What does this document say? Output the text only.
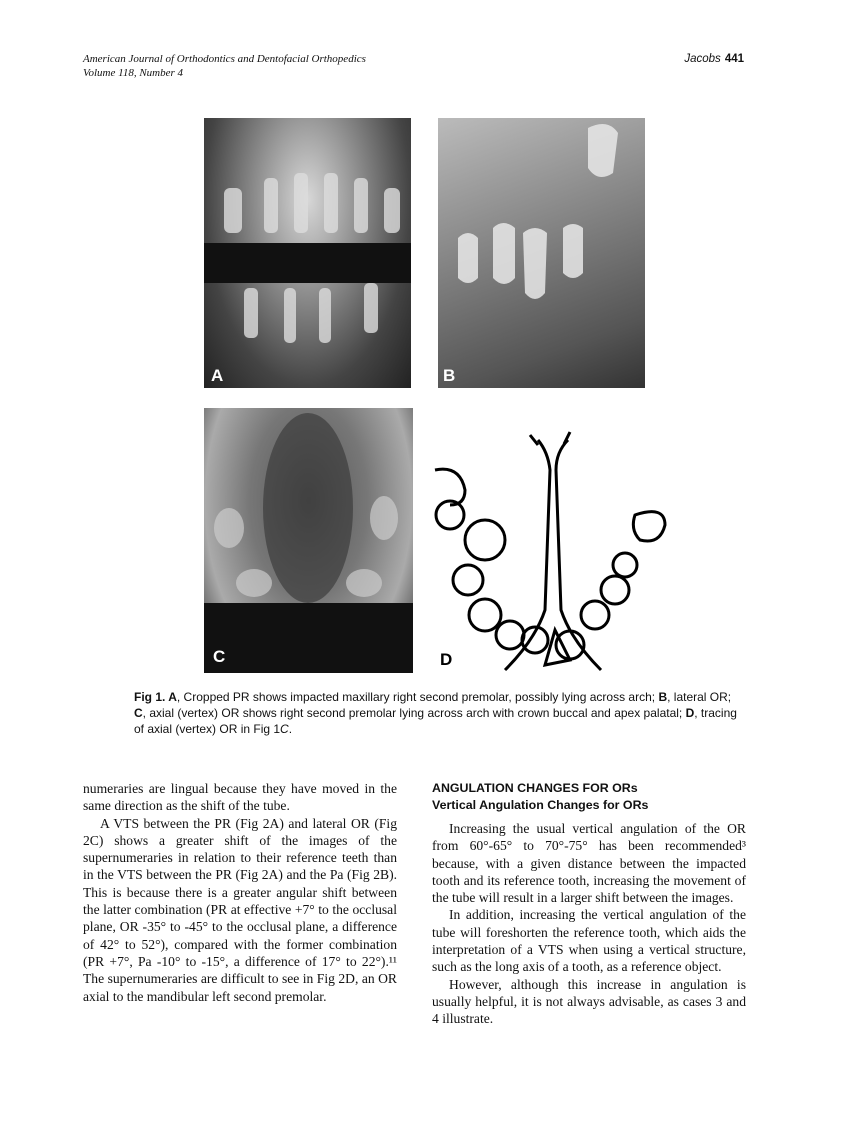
American Journal of Orthodontics and Dentofacial Orthopedics
Volume 118, Number 4
Jacobs 441
A	B
C	D
Fig 1. A, Cropped PR shows impacted maxillary right second premolar, possibly lying across arch; B, lateral OR; C, axial (vertex) OR shows right second premolar lying across arch with crown buccal and apex palatal; D, tracing of axial (vertex) OR in Fig 1C.

numeraries are lingual because they have moved in the same direction as the shift of the tube.

A VTS between the PR (Fig 2A) and lateral OR (Fig 2C) shows a greater shift of the images of the supernumeraries in relation to their reference teeth than in the VTS between the PR (Fig 2A) and the Pa (Fig 2B). This is because there is a greater angular shift between the latter combination (PR at effective +7° to the occlusal plane, OR -35° to -45° to the occlusal plane, a difference of 42° to 52°), compared with the former combination (PR +7°, Pa -10° to -15°, a difference of 17° to 22°).¹¹ The supernumeraries are difficult to see in Fig 2D, an OR axial to the mandibular left second premolar.

ANGULATION CHANGES FOR ORs
Vertical Angulation Changes for ORs

Increasing the usual vertical angulation of the OR from 60°-65° to 70°-75° has been recommended³ because, with a given distance between the impacted tooth and its reference tooth, increasing the movement of the tube will result in a larger shift between the images.

In addition, increasing the vertical angulation of the tube will foreshorten the reference tooth, which aids the interpretation of a VTS when using a vertical structure, such as the long axis of a tooth, as a reference object.

However, although this increase in angulation is usually helpful, it is not always advisable, as cases 3 and 4 illustrate.
